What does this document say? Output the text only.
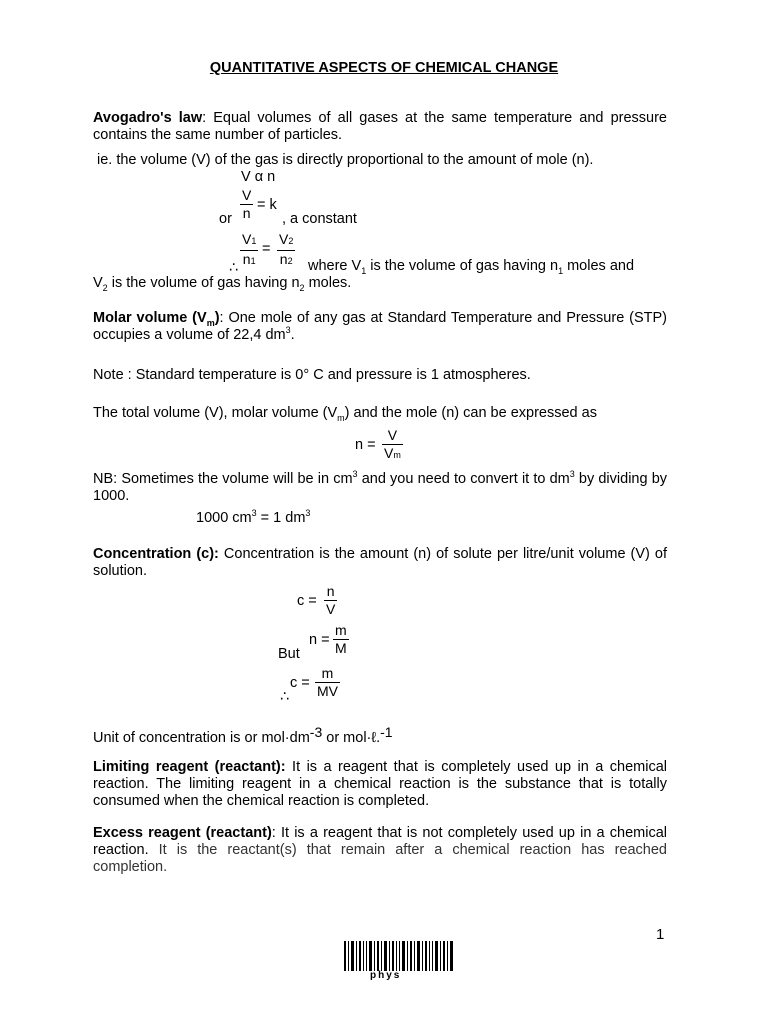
QUANTITATIVE ASPECTS OF CHEMICAL CHANGE
Avogadro's law: Equal volumes of all gases at the same temperature and pressure contains the same number of particles.
ie. the volume (V) of the gas is directly proportional to the amount of mole (n).
V α n
or
V
n = k
, a constant
∴
V1
n1
=
V2
n2 where $V_1$ is the volume of gas having $n_1$ moles and
$V_2$ is the volume of gas having $n_2$ moles.
Molar volume $(V_m)$: One mole of any gas at Standard Temperature and Pressure (STP) occupies a volume of 22,4 $dm^3$.
Note : Standard temperature is 0° C and pressure is 1 atmospheres.
The total volume (V), molar volume $(V_m)$ and the mole (n) can be expressed as
n =
V
Vm
NB: Sometimes the volume will be in $cm^3$ and you need to convert it to $dm^3$ by dividing by 1000.
1000 $cm^3 = 1$ $dm^3$
Concentration (c): Concentration is the amount (n) of solute per litre/unit volume (V) of solution.
c =
n
V
n =
m
M
But
c =
m
MV
∴
Unit of concentration is or mol·dm-3 or mol·ℓ.-1
Limiting reagent (reactant): It is a reagent that is completely used up in a chemical reaction. The limiting reagent in a chemical reaction is the substance that is totally consumed when the chemical reaction is completed.
Excess reagent (reactant): It is a reagent that is not completely used up in a chemical reaction. It is the reactant(s) that remain after a chemical reaction has reached completion.
1
phys
